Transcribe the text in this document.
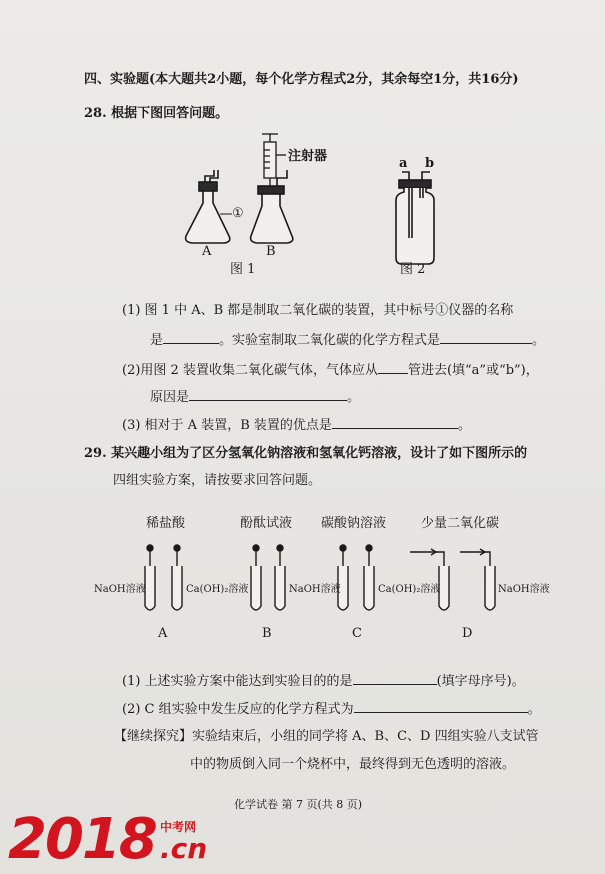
四、实验题(本大题共2小题，每个化学方程式2分，其余每空1分，共16分)
28. 根据下图回答问题。
注射器
①
A	B
图 1
a b
图 2
(1) 图 1 中 A、B 都是制取二氧化碳的装置，其中标号①仪器的名称
是	。实验室制取二氧化碳的化学方程式是	。
(2)用图 2 装置收集二氧化碳气体，气体应从 管进去(填“a”或“b”)，
原因是	。
(3) 相对于 A 装置，B 装置的优点是	。
29. 某兴趣小组为了区分氢氧化钠溶液和氢氧化钙溶液，设计了如下图所示的
四组实验方案，请按要求回答问题。
稀盐酸	酚酞试液 碳酸钠溶液	少量二氧化碳
NaOH溶液	Ca(OH)₂溶液	NaOH溶液	Ca(OH)₂溶液	NaOH溶液
A	B	C	D
(1) 上述实验方案中能达到实验目的的是	(填字母序号)。
(2) C 组实验中发生反应的化学方程式为	。
【继续探究】实验结束后，小组的同学将 A、B、C、D 四组实验八支试管
中的物质倒入同一个烧杯中，最终得到无色透明的溶液。
化学试卷 第 7 页(共 8 页)
2018 中考网
.cn
